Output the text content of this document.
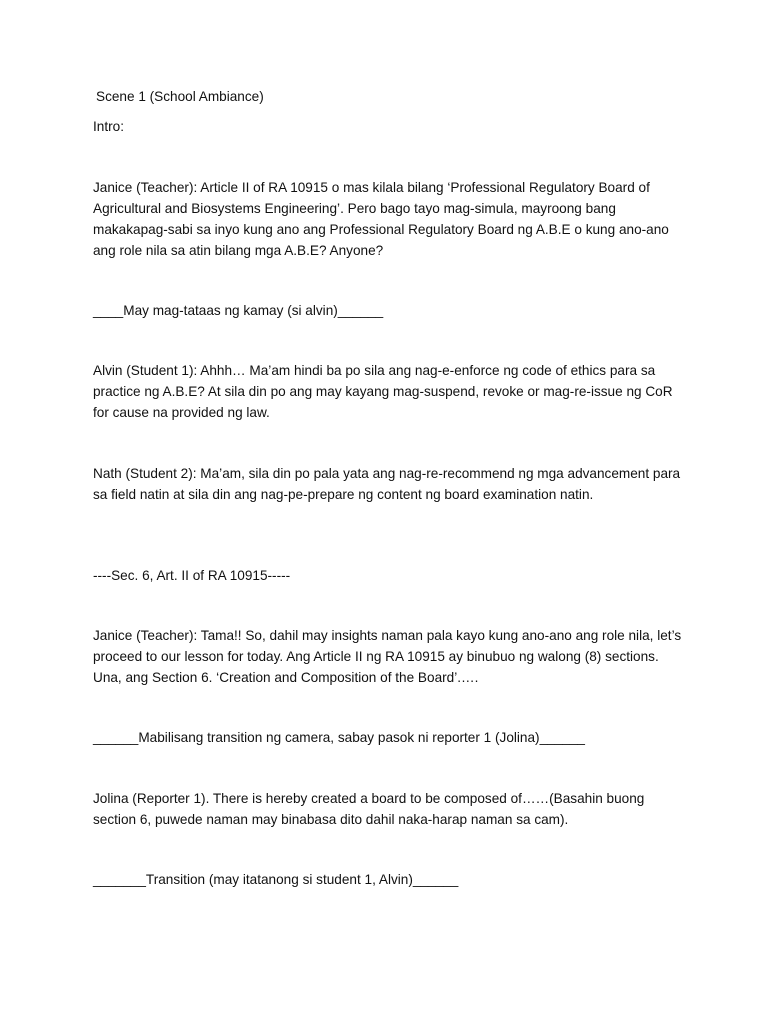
Scene 1 (School Ambiance)

Intro:

Janice (Teacher): Article II of RA 10915 o mas kilala bilang ‘Professional Regulatory Board of Agricultural and Biosystems Engineering’. Pero bago tayo mag-simula, mayroong bang makakapag-sabi sa inyo kung ano ang Professional Regulatory Board ng A.B.E o kung ano-ano ang role nila sa atin bilang mga A.B.E? Anyone?

____May mag-tataas ng kamay (si alvin)______

Alvin (Student 1): Ahhh… Ma’am hindi ba po sila ang nag-e-enforce ng code of ethics para sa practice ng A.B.E? At sila din po ang may kayang mag-suspend, revoke or mag-re-issue ng CoR for cause na provided ng law.

Nath (Student 2): Ma’am, sila din po pala yata ang nag-re-recommend ng mga advancement para sa field natin at sila din ang nag-pe-prepare ng content ng board examination natin.

----Sec. 6, Art. II of RA 10915-----

Janice (Teacher): Tama!! So, dahil may insights naman pala kayo kung ano-ano ang role nila, let’s proceed to our lesson for today. Ang Article II ng RA 10915 ay binubuo ng walong (8) sections. Una, ang Section 6. ‘Creation and Composition of the Board’.….

______Mabilisang transition ng camera, sabay pasok ni reporter 1 (Jolina)______

Jolina (Reporter 1). There is hereby created a board to be composed of……(Basahin buong section 6, puwede naman may binabasa dito dahil naka-harap naman sa cam).

_______Transition (may itatanong si student 1, Alvin)______
